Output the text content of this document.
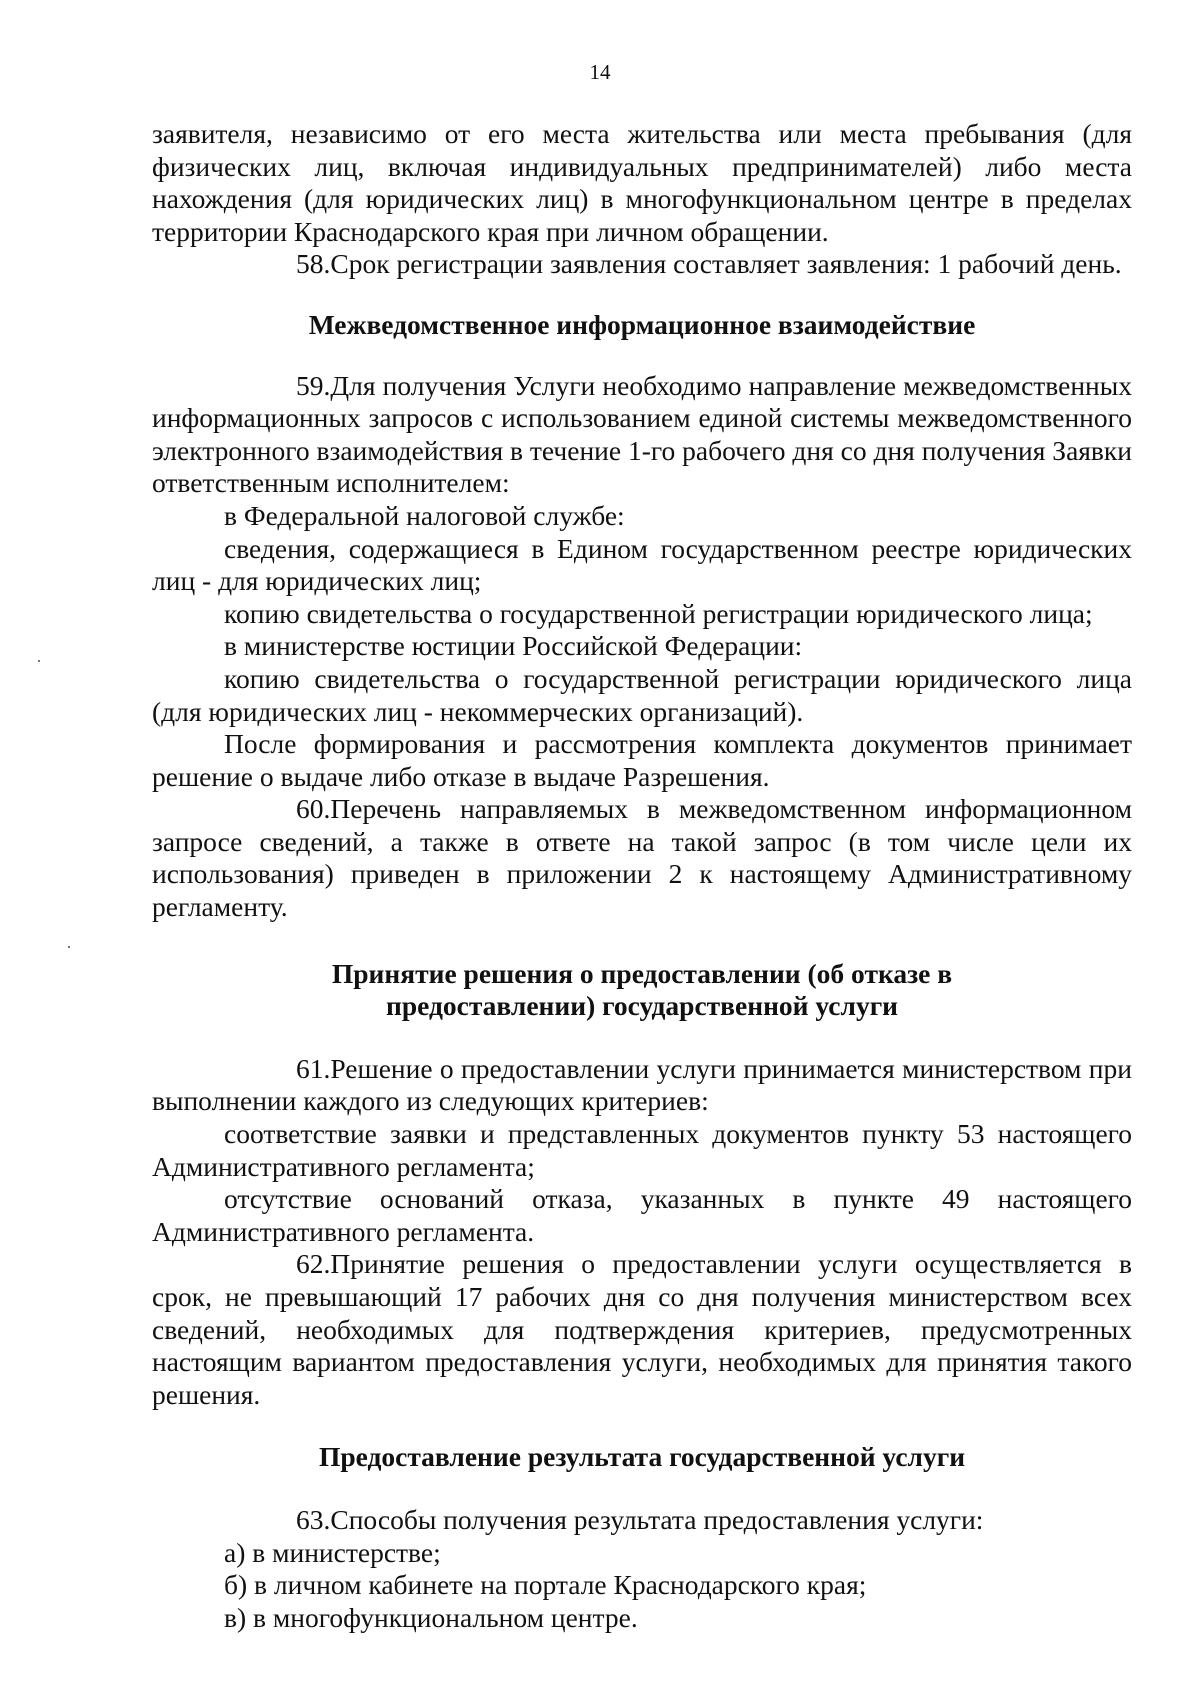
14

заявителя, независимо от его места жительства или места пребывания (для физических лиц, включая индивидуальных предпринимателей) либо места нахождения (для юридических лиц) в многофункциональном центре в пределах территории Краснодарского края при личном обращении.

58.Срок регистрации заявления составляет заявления: 1 рабочий день.

Межведомственное информационное взаимодействие

59.Для получения Услуги необходимо направление межведомственных информационных запросов с использованием единой системы межведомственного электронного взаимодействия в течение 1-го рабочего дня со дня получения Заявки ответственным исполнителем:

в Федеральной налоговой службе:

сведения, содержащиеся в Едином государственном реестре юридических лиц - для юридических лиц;

копию свидетельства о государственной регистрации юридического лица;

в министерстве юстиции Российской Федерации:

копию свидетельства о государственной регистрации юридического лица (для юридических лиц - некоммерческих организаций).

После формирования и рассмотрения комплекта документов принимает решение о выдаче либо отказе в выдаче Разрешения.

60.Перечень направляемых в межведомственном информационном запросе сведений, а также в ответе на такой запрос (в том числе цели их использования) приведен в приложении 2 к настоящему Административному регламенту.

Принятие решения о предоставлении (об отказе в
предоставлении) государственной услуги

61.Решение о предоставлении услуги принимается министерством при выполнении каждого из следующих критериев:

соответствие заявки и представленных документов пункту 53 настоящего Административного регламента;

отсутствие оснований отказа, указанных в пункте 49 настоящего Административного регламента.

62.Принятие решения о предоставлении услуги осуществляется в срок, не превышающий 17 рабочих дня со дня получения министерством всех сведений, необходимых для подтверждения критериев, предусмотренных настоящим вариантом предоставления услуги, необходимых для принятия такого решения.

Предоставление результата государственной услуги

63.Способы получения результата предоставления услуги:

а) в министерстве;

б) в личном кабинете на портале Краснодарского края;

в) в многофункциональном центре.
